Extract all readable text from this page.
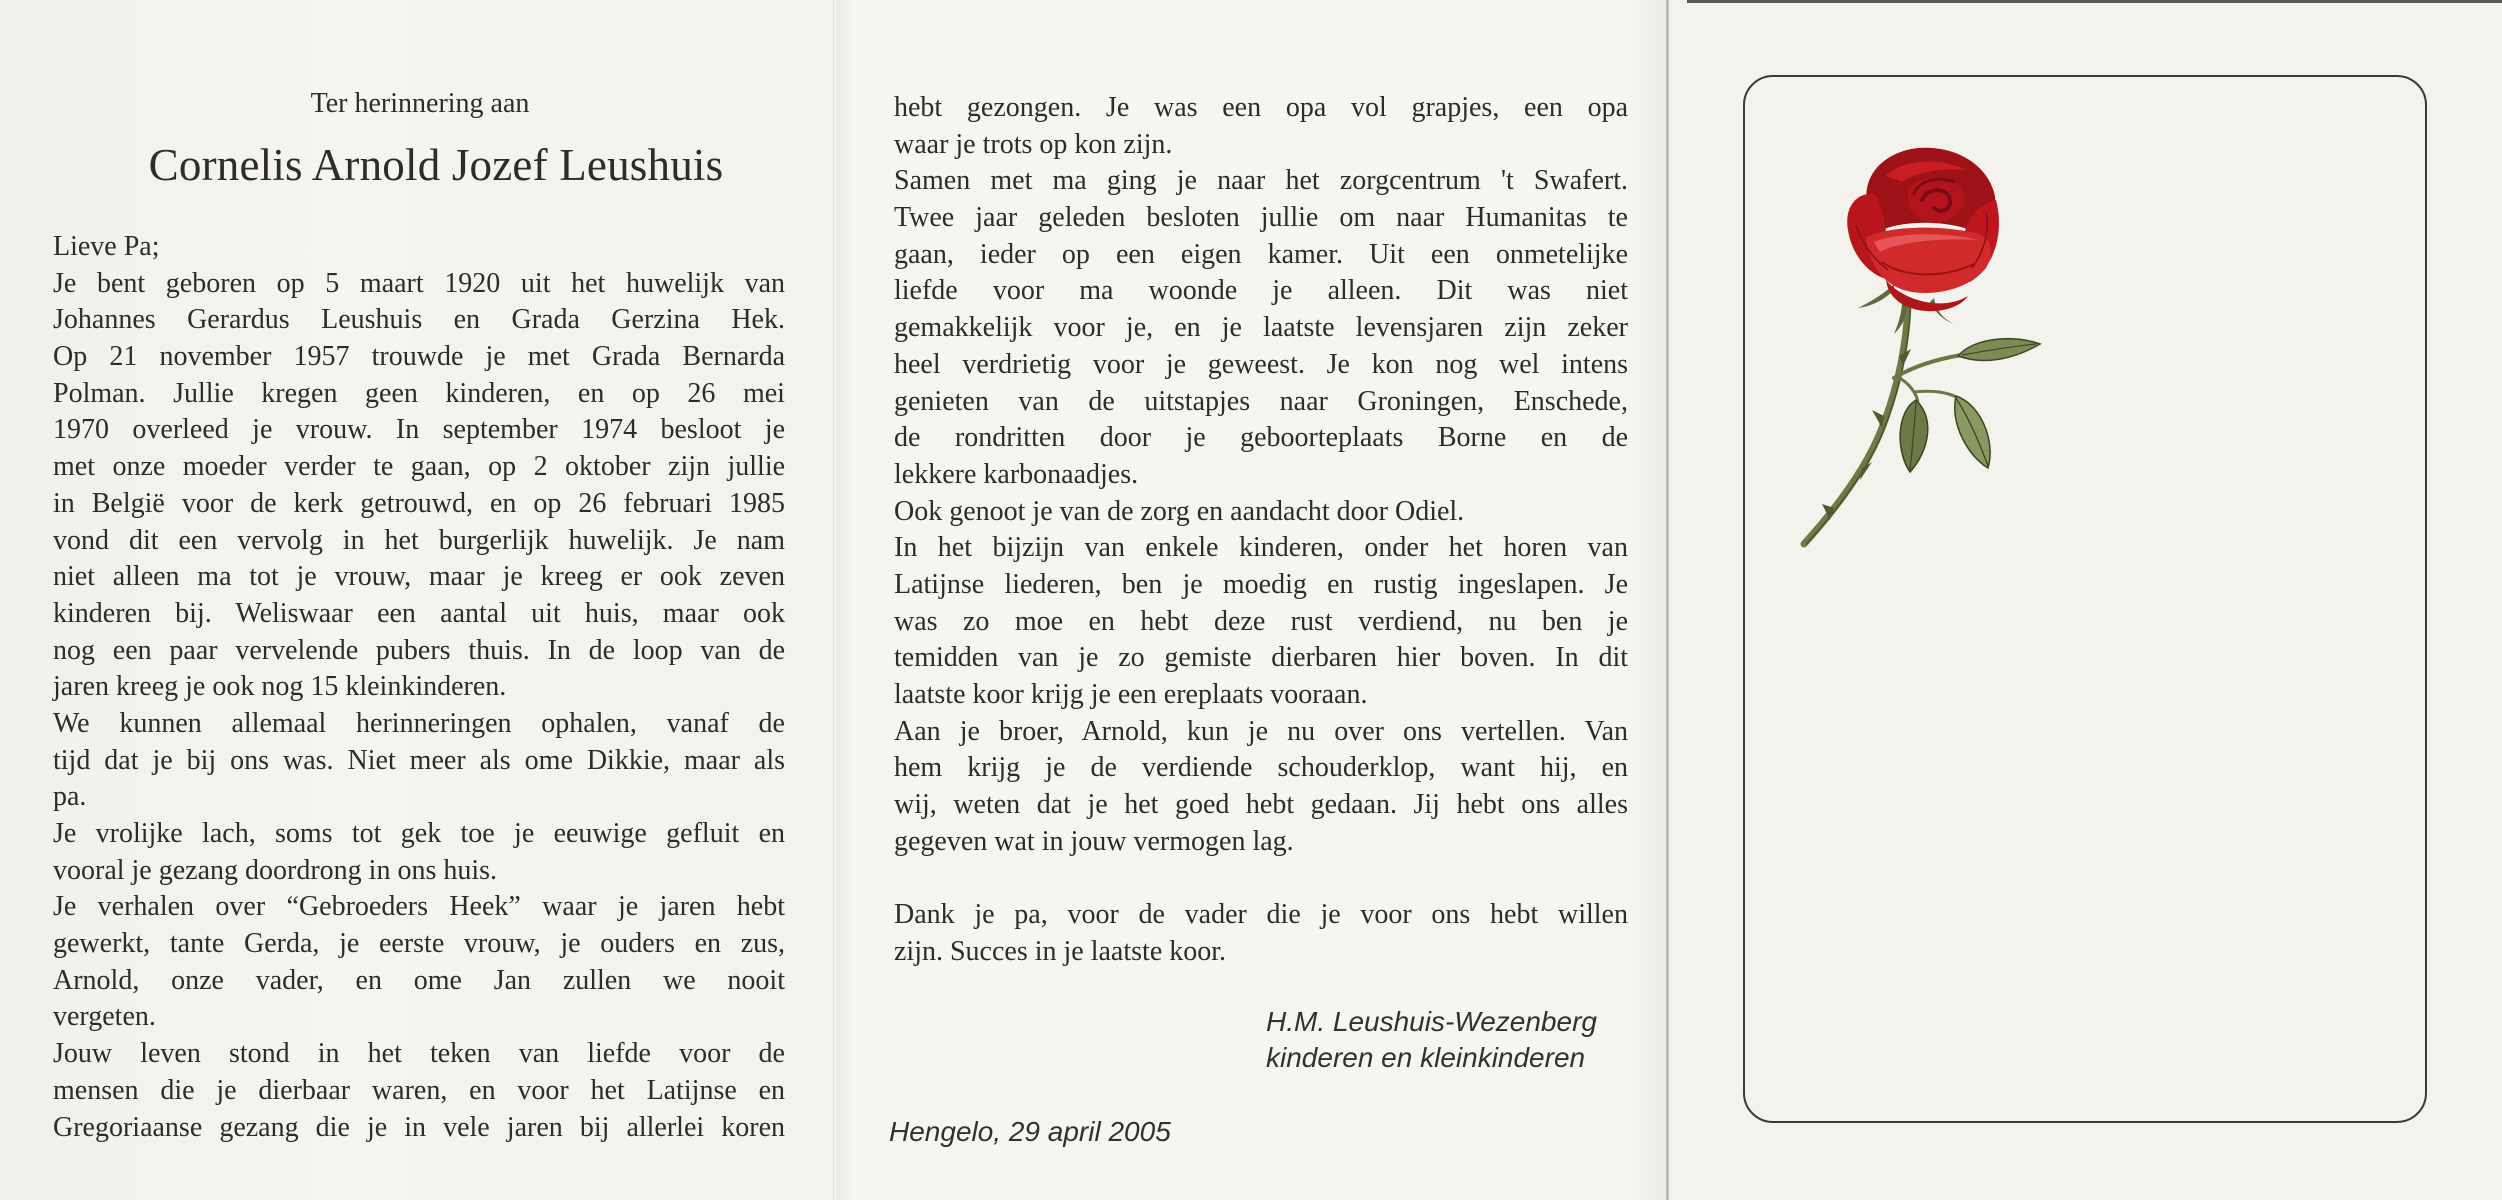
Ter herinnering aan
Cornelis Arnold Jozef Leushuis
Lieve Pa;
Je bent geboren op 5 maart 1920 uit het huwelijk van
Johannes Gerardus Leushuis en Grada Gerzina Hek.
Op 21 november 1957 trouwde je met Grada Bernarda
Polman. Jullie kregen geen kinderen, en op 26 mei
1970 overleed je vrouw. In september 1974 besloot je
met onze moeder verder te gaan, op 2 oktober zijn jullie
in België voor de kerk getrouwd, en op 26 februari 1985
vond dit een vervolg in het burgerlijk huwelijk. Je nam
niet alleen ma tot je vrouw, maar je kreeg er ook zeven
kinderen bij. Weliswaar een aantal uit huis, maar ook
nog een paar vervelende pubers thuis. In de loop van de
jaren kreeg je ook nog 15 kleinkinderen.
We kunnen allemaal herinneringen ophalen, vanaf de
tijd dat je bij ons was. Niet meer als ome Dikkie, maar als
pa.
Je vrolijke lach, soms tot gek toe je eeuwige gefluit en
vooral je gezang doordrong in ons huis.
Je verhalen over “Gebroeders Heek” waar je jaren hebt
gewerkt, tante Gerda, je eerste vrouw, je ouders en zus,
Arnold, onze vader, en ome Jan zullen we nooit
vergeten.
Jouw leven stond in het teken van liefde voor de
mensen die je dierbaar waren, en voor het Latijnse en
Gregoriaanse gezang die je in vele jaren bij allerlei koren
hebt gezongen. Je was een opa vol grapjes, een opa
waar je trots op kon zijn.
Samen met ma ging je naar het zorgcentrum 't Swafert.
Twee jaar geleden besloten jullie om naar Humanitas te
gaan, ieder op een eigen kamer. Uit een onmetelijke
liefde voor ma woonde je alleen. Dit was niet
gemakkelijk voor je, en je laatste levensjaren zijn zeker
heel verdrietig voor je geweest. Je kon nog wel intens
genieten van de uitstapjes naar Groningen, Enschede,
de rondritten door je geboorteplaats Borne en de
lekkere karbonaadjes.
Ook genoot je van de zorg en aandacht door Odiel.
In het bijzijn van enkele kinderen, onder het horen van
Latijnse liederen, ben je moedig en rustig ingeslapen. Je
was zo moe en hebt deze rust verdiend, nu ben je
temidden van je zo gemiste dierbaren hier boven. In dit
laatste koor krijg je een ereplaats vooraan.
Aan je broer, Arnold, kun je nu over ons vertellen. Van
hem krijg je de verdiende schouderklop, want hij, en
wij, weten dat je het goed hebt gedaan. Jij hebt ons alles
gegeven wat in jouw vermogen lag.
Dank je pa, voor de vader die je voor ons hebt willen
zijn. Succes in je laatste koor.
H.M. Leushuis-Wezenberg
kinderen en kleinkinderen
Hengelo, 29 april 2005
